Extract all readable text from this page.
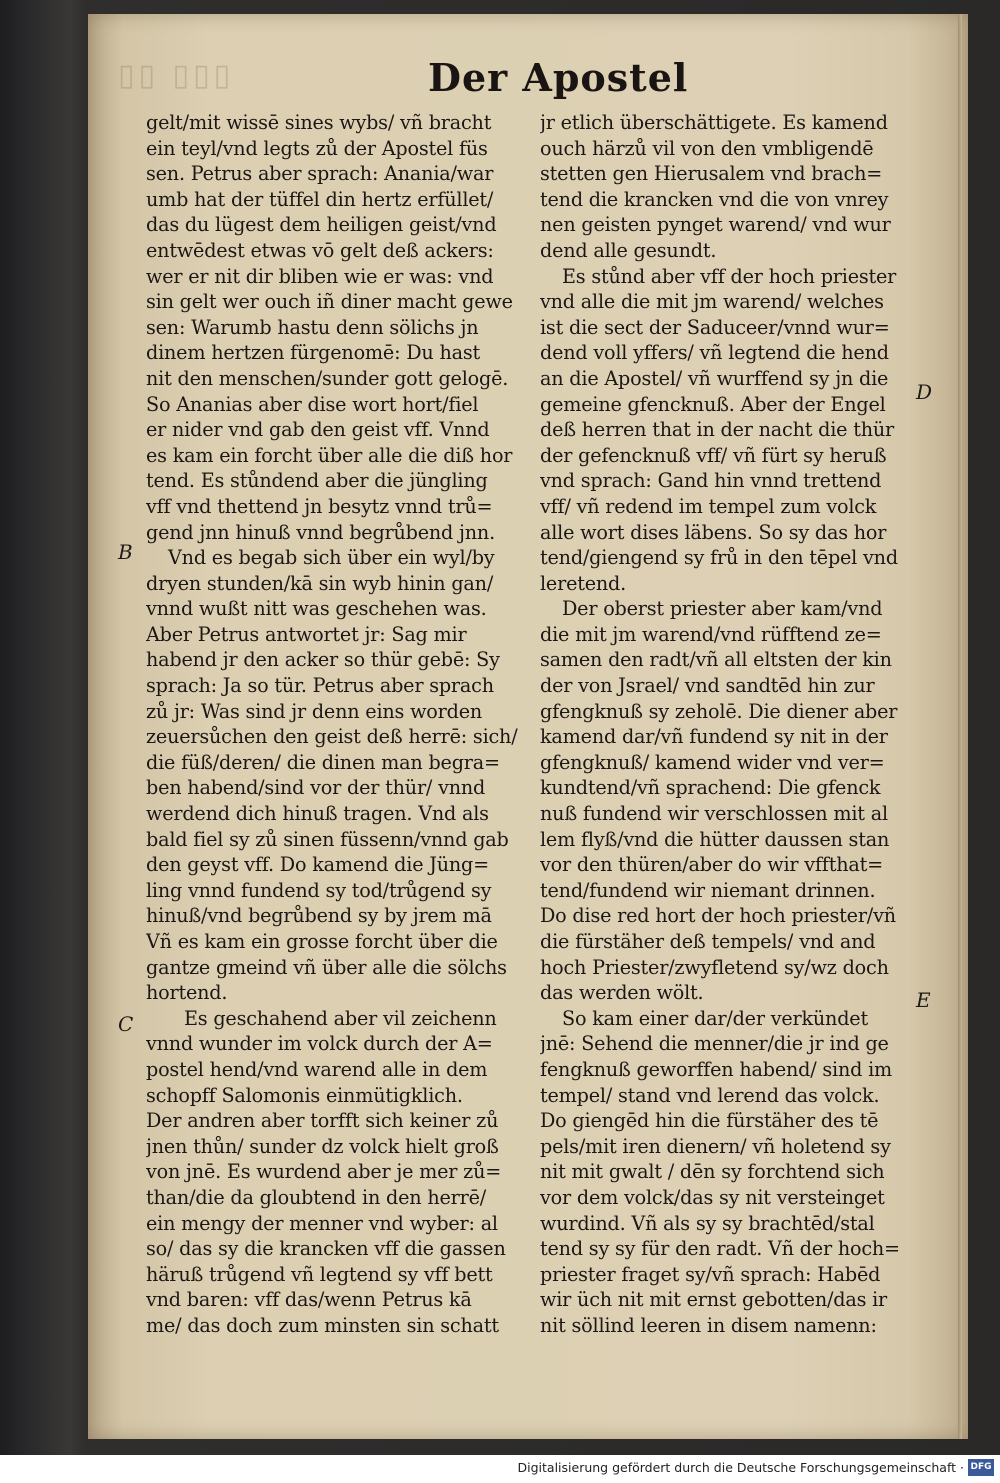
▯▯ ▯▯▯	Der Apostel
gelt/mit wissē sines wybs/ vñ bracht
ein teyl/vnd legts zů der Apostel füs
sen. Petrus aber sprach: Anania/war
umb hat der tüffel din hertz erfüllet/
das du lügest dem heiligen geist/vnd
entwēdest etwas vō gelt deß ackers:
wer er nit dir bliben wie er was: vnd
sin gelt wer ouch iñ diner macht gewe
sen: Warumb hastu denn sölichs jn
dinem hertzen fürgenomē: Du hast
nit den menschen/sunder gott gelogē.
So Ananias aber dise wort hort/fiel
er nider vnd gab den geist vff. Vnnd
es kam ein forcht über alle die diß hor
tend. Es stůndend aber die jüngling
vff vnd thettend jn besytz vnnd trů=
gend jnn hinuß vnnd begrůbend jnn.
Vnd es begab sich über ein wyl/by
dryen stunden/kā sin wyb hinin gan/
vnnd wußt nitt was geschehen was.
Aber Petrus antwortet jr: Sag mir
habend jr den acker so thür gebē: Sy
sprach: Ja so tür. Petrus aber sprach
zů jr: Was sind jr denn eins worden
zeuersůchen den geist deß herrē: sich/
die füß/deren/ die dinen man begra=
ben habend/sind vor der thür/ vnnd
werdend dich hinuß tragen. Vnd als
bald fiel sy zů sinen füssenn/vnnd gab
den geyst vff. Do kamend die Jüng=
ling vnnd fundend sy tod/trůgend sy
hinuß/vnd begrůbend sy by jrem mā
Vñ es kam ein grosse forcht über die
gantze gmeind vñ über alle die sölchs
hortend.
Es geschahend aber vil zeichenn
vnnd wunder im volck durch der A=
postel hend/vnd warend alle in dem
schopff Salomonis einmütigklich.
Der andren aber torfft sich keiner zů
jnen thůn/ sunder dz volck hielt groß
von jnē. Es wurdend aber je mer zů=
than/die da gloubtend in den herrē/
ein mengy der menner vnd wyber: al
so/ das sy die krancken vff die gassen
häruß trůgend vñ legtend sy vff bett
vnd baren: vff das/wenn Petrus kā
me/ das doch zum minsten sin schatt
jr etlich überschättigete. Es kamend
ouch härzů vil von den vmbligendē
stetten gen Hierusalem vnd brach=
tend die krancken vnd die von vnrey
nen geisten pynget warend/ vnd wur
dend alle gesundt.
Es stůnd aber vff der hoch priester
vnd alle die mit jm warend/ welches
ist die sect der Saduceer/vnnd wur=
dend voll yffers/ vñ legtend die hend
an die Apostel/ vñ wurffend sy jn die
gemeine gfencknuß. Aber der Engel
deß herren that in der nacht die thür
der gefencknuß vff/ vñ fürt sy heruß
vnd sprach: Gand hin vnnd trettend
vff/ vñ redend im tempel zum volck
alle wort dises läbens. So sy das hor
tend/giengend sy frů in den tēpel vnd
leretend.
Der oberst priester aber kam/vnd
die mit jm warend/vnd rüfftend ze=
samen den radt/vñ all eltsten der kin
der von Jsrael/ vnd sandtēd hin zur
gfengknuß sy zeholē. Die diener aber
kamend dar/vñ fundend sy nit in der
gfengknuß/ kamend wider vnd ver=
kundtend/vñ sprachend: Die gfenck
nuß fundend wir verschlossen mit al
lem flyß/vnd die hütter daussen stan
vor den thüren/aber do wir vffthat=
tend/fundend wir niemant drinnen.
Do dise red hort der hoch priester/vñ
die fürstäher deß tempels/ vnd and
hoch Priester/zwyfletend sy/wz doch
das werden wölt.
So kam einer dar/der verkündet
jnē: Sehend die menner/die jr ind ge
fengknuß geworffen habend/ sind im
tempel/ stand vnd lerend das volck.
Do giengēd hin die fürstäher des tē
pels/mit iren dienern/ vñ holetend sy
nit mit gwalt / dēn sy forchtend sich
vor dem volck/das sy nit versteinget
wurdind. Vñ als sy sy brachtēd/stal
tend sy sy für den radt. Vñ der hoch=
priester fraget sy/vñ sprach: Habēd
wir üch nit mit ernst gebotten/das ir
nit söllind leeren in disem namenn:
B
C
D
E
Digitalisierung gefördert durch die Deutsche Forschungsgemeinschaft · DFG
